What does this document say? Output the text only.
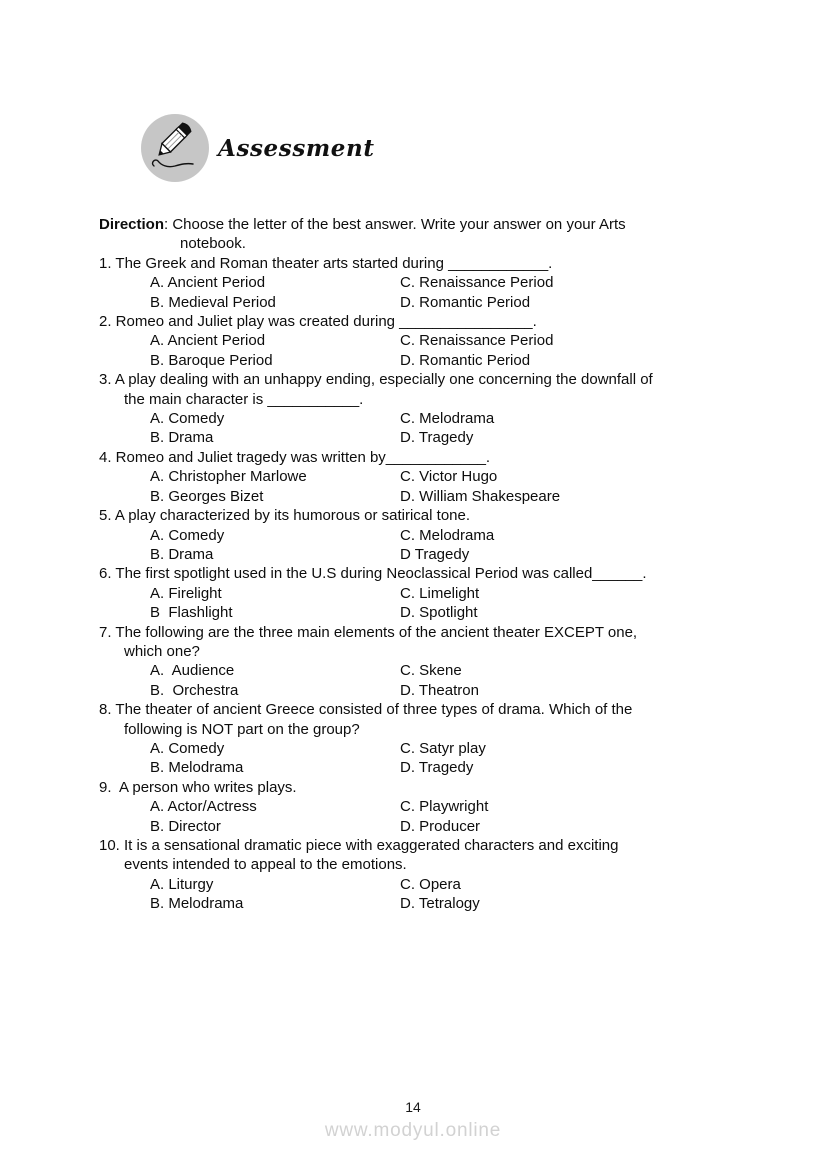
Assessment
Direction: Choose the letter of the best answer. Write your answer on your Arts
notebook.
1. The Greek and Roman theater arts started during ____________.
A. Ancient Period	C. Renaissance Period
B. Medieval Period	D. Romantic Period
2. Romeo and Juliet play was created during ________________.
A. Ancient Period	C. Renaissance Period
B. Baroque Period	D. Romantic Period
3. A play dealing with an unhappy ending, especially one concerning the downfall of
the main character is ___________.
A. Comedy	C. Melodrama
B. Drama	D. Tragedy
4. Romeo and Juliet tragedy was written by____________.
A. Christopher Marlowe	C. Victor Hugo
B. Georges Bizet	D. William Shakespeare
5. A play characterized by its humorous or satirical tone.
A. Comedy	C. Melodrama
B. Drama	D Tragedy
6. The first spotlight used in the U.S during Neoclassical Period was called______.
A. Firelight	C. Limelight
B  Flashlight	D. Spotlight
7. The following are the three main elements of the ancient theater EXCEPT one,
which one?
A.  Audience	C. Skene
B.  Orchestra	D. Theatron
8. The theater of ancient Greece consisted of three types of drama. Which of the
following is NOT part on the group?
A. Comedy	C. Satyr play
B. Melodrama	D. Tragedy
9.  A person who writes plays.
A. Actor/Actress	C. Playwright
B. Director	D. Producer
10. It is a sensational dramatic piece with exaggerated characters and exciting
events intended to appeal to the emotions.
A. Liturgy	C. Opera
B. Melodrama	D. Tetralogy
14
www.modyul.online
